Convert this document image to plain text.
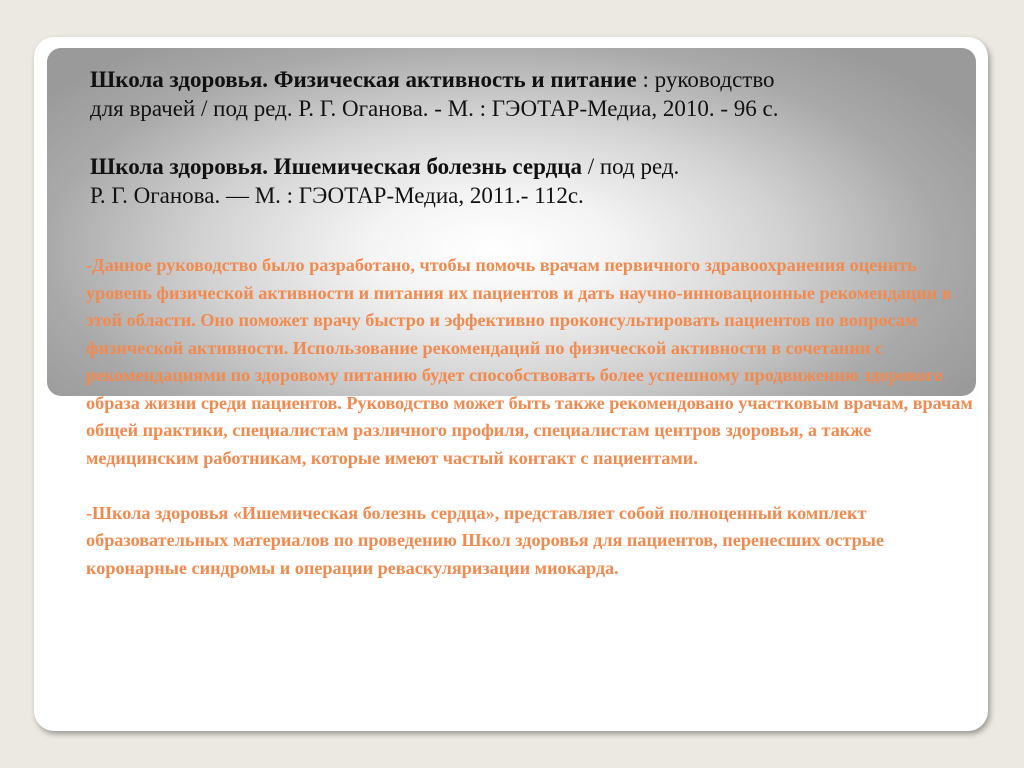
Школа здоровья. Физическая активность и питание : руководство
для врачей / под ред. Р. Г. Оганова. - М. : ГЭОТАР-Медиа, 2010. - 96 с.

Школа здоровья. Ишемическая болезнь сердца / под ред.
Р. Г. Оганова. — М. : ГЭОТАР-Медиа, 2011.- 112с.

-Данное руководство было разработано, чтобы помочь врачам первичного здравоохранения оценить уровень физической активности и питания их пациентов и дать научно-инновационные рекомендации в этой области. Оно поможет врачу быстро и эффективно проконсультировать пациентов по вопросам физической активности. Использование рекомендаций по физической активности в сочетании с рекомендациями по здоровому питанию будет способствовать более успешному продвижению здорового образа жизни среди пациентов. Руководство может быть также рекомендовано участковым врачам, врачам общей практики, специалистам различного профиля, специалистам центров здоровья, а также медицинским работникам, которые имеют частый контакт с пациентами.

-Школа здоровья «Ишемическая болезнь сердца», представляет собой полноценный комплект образовательных материалов по проведению Школ здоровья для пациентов, перенесших острые коронарные синдромы и операции реваскуляризации миокарда.
